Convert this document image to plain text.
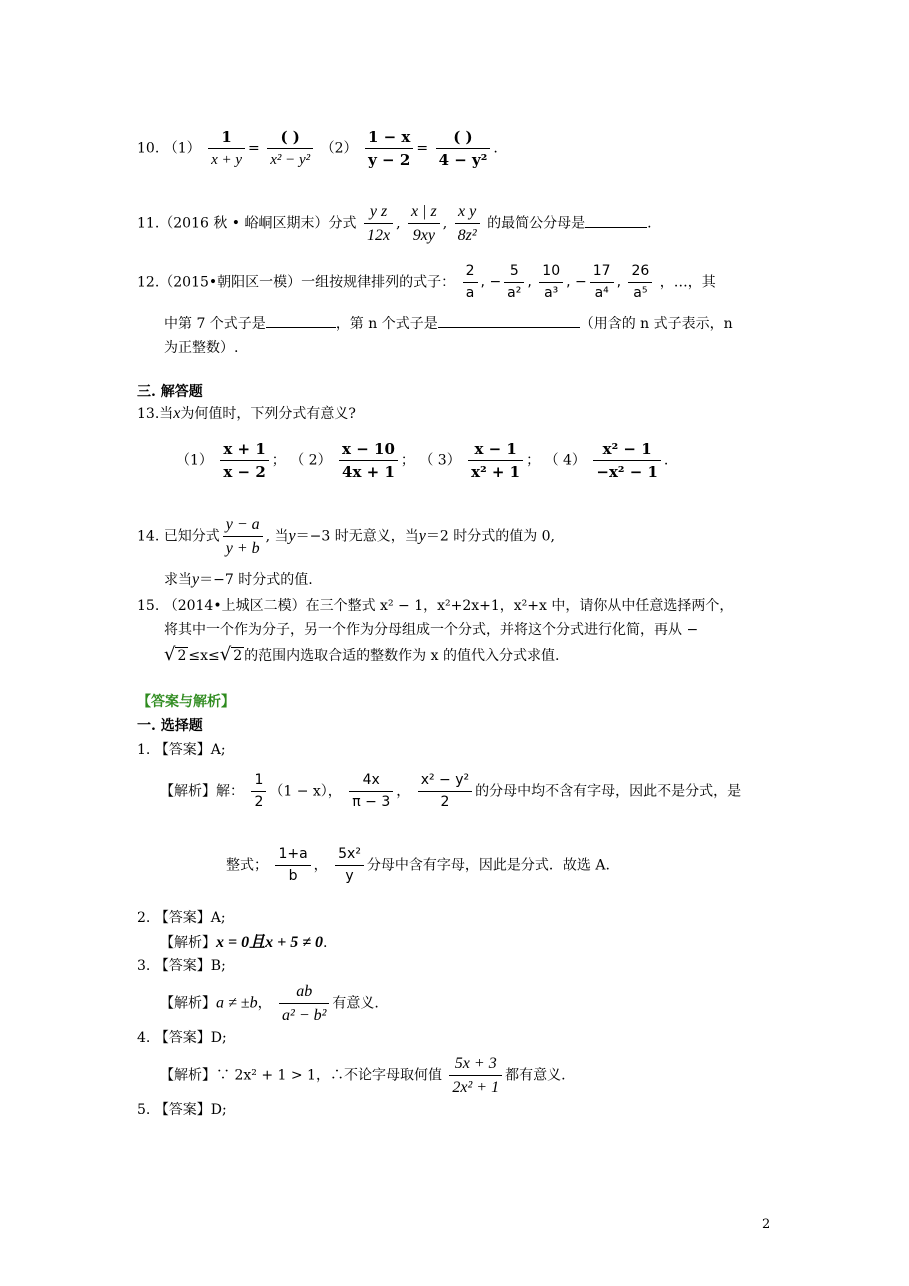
10. $(1) \frac{1}{x + y} = \frac{( )}{\text{x² − y²}} (2) \frac{1 - x}{y - 2} = \frac{( )}{\text{4 − y²}}$ .
11.（2016 秋 • 峪峒区期末）分式 $\frac{\text{y z}}{12x}$ , $\frac{x | z}{9xy}$ , $\frac{\text{x y}}{\text{8z²}}$ 的最简公分母是	.
12.（2015•朝阳区一模）一组按规律排列的式子： $\frac{2}{a}$ , − $\frac{5}{\text{a²}}$ , $\frac{10}{\text{a³}}$ , − $\frac{17}{\text{a⁴}}$ , $\frac{26}{\text{a⁵}}$ ，…，其
中第 7 个式子是	，第 n 个式子是	（用含的 n 式子表示，n
为正整数）.
三. 解答题
13.当x为何值时，下列分式有意义?
$(1) \frac{x + 1}{x - 2}$ ； （ $2) \frac{x - 10}{4x + 1}$ ； （ $3) \frac{x - 1}{\text{x² + 1}}$ ； （ $4) \frac{\text{x² − 1}}{\text{−x² − 1}}$ .
14. 已知分式 $\frac{y - a}{y + b}$ , 当y＝−3 时无意义，当y＝2 时分式的值为 0,
求当y＝−7 时分式的值.
15. （2014•上城区二模）在三个整式 x² − 1，x²+2x+1，x²+x 中，请你从中任意选择两个，
将其中一个作为分子，另一个作为分母组成一个分式，并将这个分式进行化简，再从 −
√ 2 ≤x≤√ 2 的范围内选取合适的整数作为 x 的值代入分式求值.
【答案与解析】
一. 选择题
1. 【答案】A;
【解析】解： $\frac{1}{2} (1 - x)$， $\frac{4x}{\pi - 3}$ ， $\frac{\text{x² − y²}}{2}$ 的分母中均不含有字母，因此不是分式，是
整式； $\frac{1+a}{b}$ ， $\frac{\text{5x²}}{y}$ 分母中含有字母，因此是分式．故选 A.
2. 【答案】A;
【解析】x = 0且x + 5 ≠ 0.
3. 【答案】B;
【解析】a ≠ ±b， $\frac{ab}{\text{a² − b²}}$ 有意义.
4. 【答案】D;
【解析】∵ 2x² + 1 > 1，∴不论字母取何值 $\frac{5x + 3}{\text{2x² + 1}}$ 都有意义.
5. 【答案】D;
2
